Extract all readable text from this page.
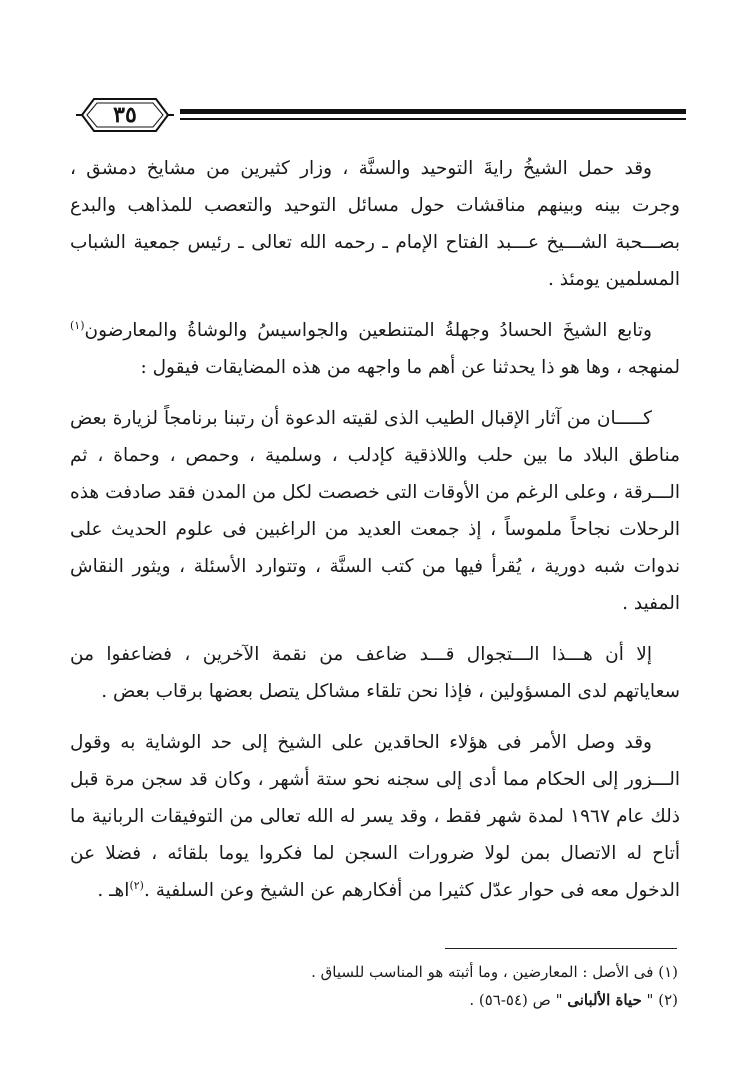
٣٥

وقد حمل الشيخُ رايةَ التوحيد والسنَّة ، وزار كثيرين من مشايخ دمشق ، وجرت بينه وبينهم مناقشات حول مسائل التوحيد والتعصب للمذاهب والبدع بصـــحبة الشـــيخ عـــبد الفتاح الإمام ـ رحمه الله تعالى ـ رئيس جمعية الشباب المسلمين يومئذ .

وتابع الشيخَ الحسادُ وجهلةُ المتنطعين والجواسيسُ والوشاةُ والمعارضون$^{(١)}$ لمنهجه ، وها هو ذا يحدثنا عن أهم ما واجهه من هذه المضايقات فيقول :

كـــــان من آثار الإقبال الطيب الذى لقيته الدعوة أن رتبنا برنامجاً لزيارة بعض مناطق البلاد ما بين حلب واللاذقية كإدلب ، وسلمية ، وحمص ، وحماة ، ثم الـــرقة ، وعلى الرغم من الأوقات التى خصصت لكل من المدن فقد صادفت هذه الرحلات نجاحاً ملموساً ، إذ جمعت العديد من الراغبين فى علوم الحديث على ندوات شبه دورية ، يُقرأ فيها من كتب السنَّة ، وتتوارد الأسئلة ، ويثور النقاش المفيد .

إلا أن هـــذا الـــتجوال قـــد ضاعف من نقمة الآخرين ، فضاعفوا من سعاياتهم لدى المسؤولين ، فإذا نحن تلقاء مشاكل يتصل بعضها برقاب بعض .

وقد وصل الأمر فى هؤلاء الحاقدين على الشيخ إلى حد الوشاية به وقول الـــزور إلى الحكام مما أدى إلى سجنه نحو ستة أشهر ، وكان قد سجن مرة قبل ذلك عام ١٩٦٧ لمدة شهر فقط ، وقد يسر له الله تعالى من التوفيقات الربانية ما أتاح له الاتصال بمن لولا ضرورات السجن لما فكروا يوما بلقائه ، فضلا عن الدخول معه فى حوار عدّل كثيرا من أفكارهم عن الشيخ وعن السلفية .$^{(٢)}$اهـ .

(١) فى الأصل : المعارضين ، وما أثبته هو المناسب للسياق .

(٢) " حياة الألبانى " ص (٥٤-٥٦) .
